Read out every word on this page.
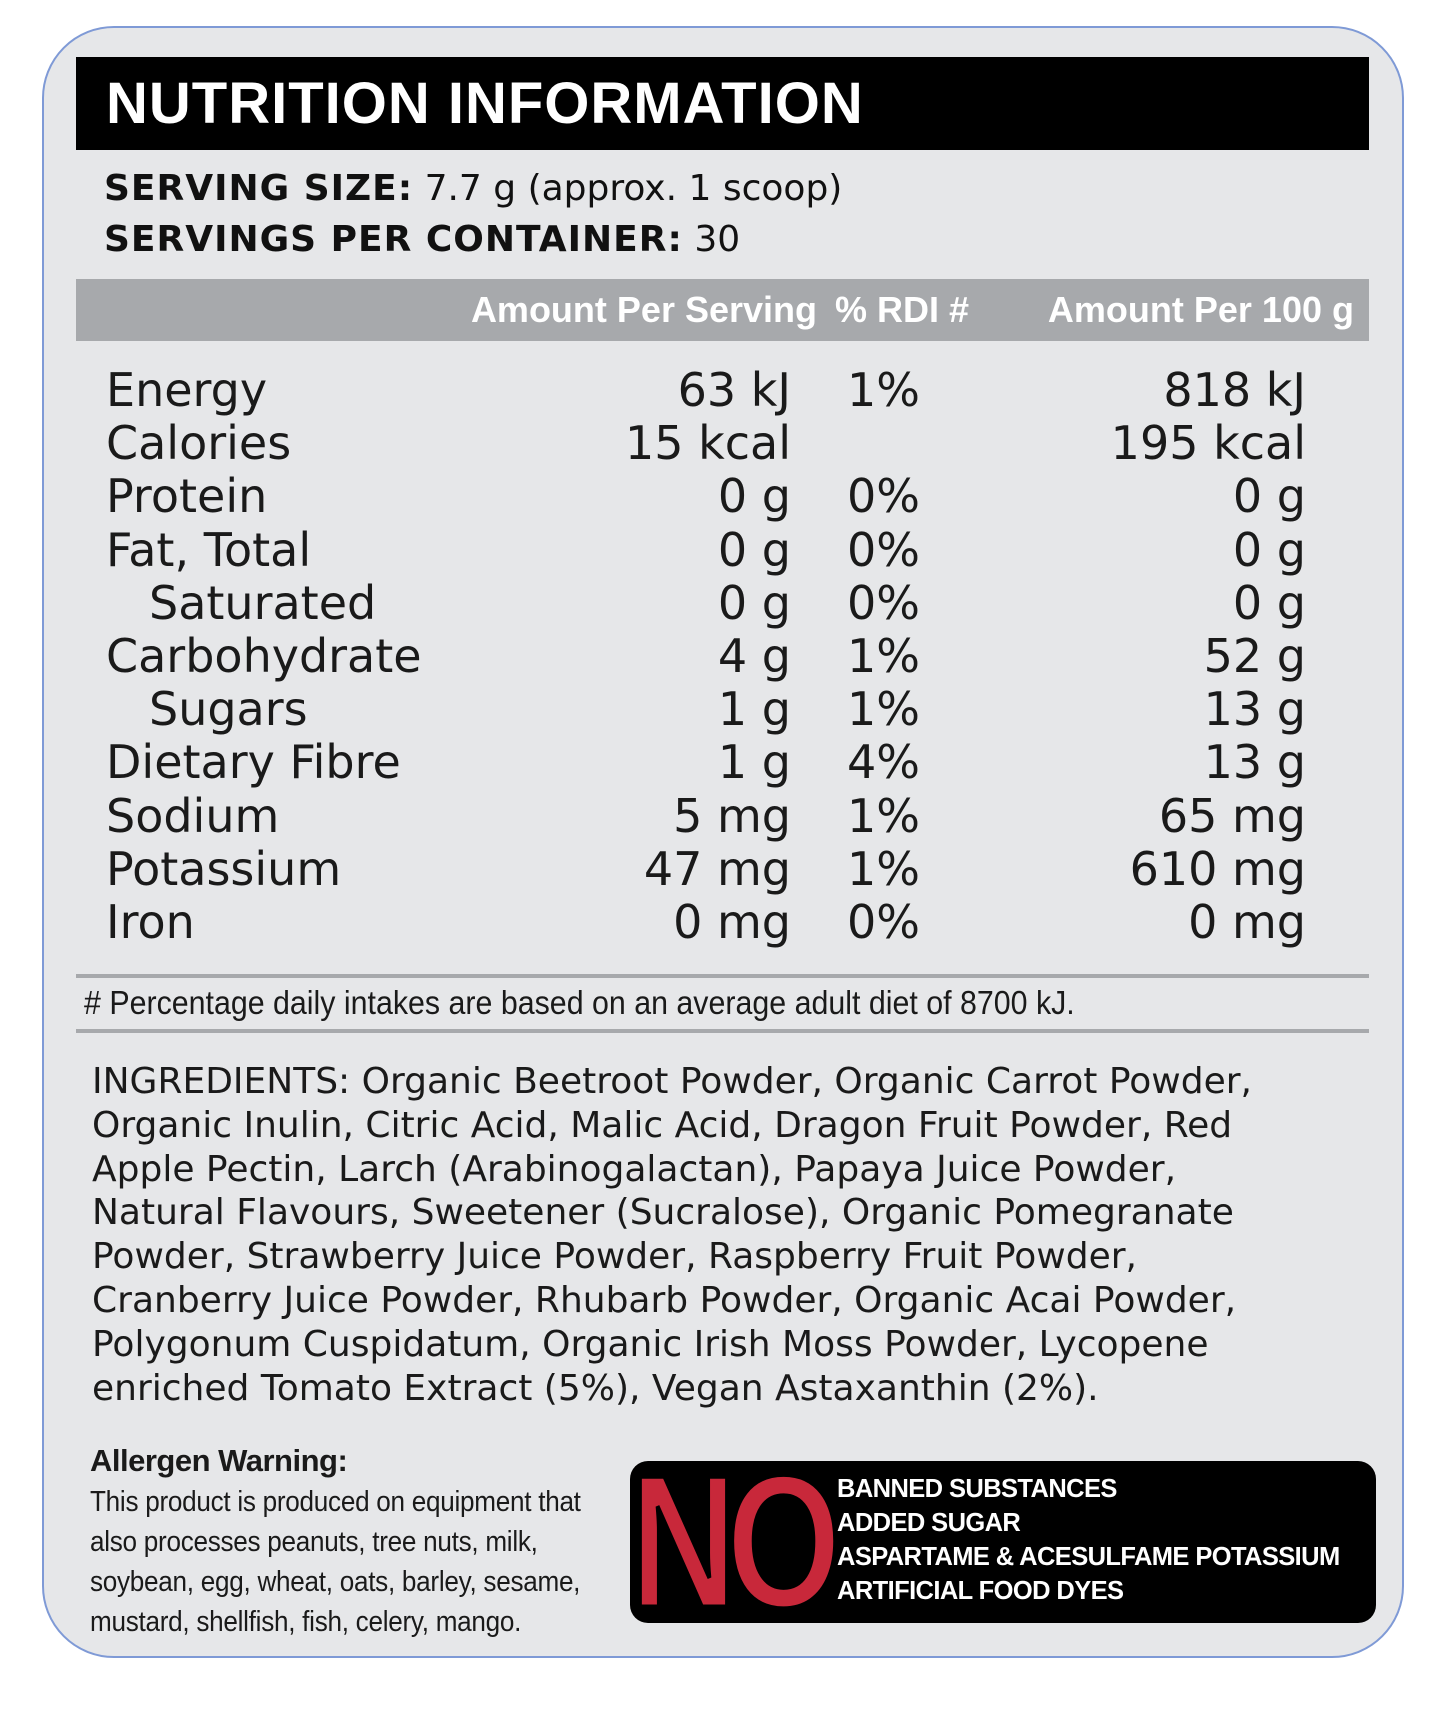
NUTRITION INFORMATION
SERVING SIZE: 7.7 g (approx. 1 scoop)
SERVINGS PER CONTAINER: 30
Amount Per Serving % RDI # Amount Per 100 g
Energy	63 kJ 1%	818 kJ
Calories	15 kcal	195 kcal
Protein	0 g 0%	0 g
Fat, Total	0 g 0%	0 g
Saturated	0 g 0%	0 g
Carbohydrate	4 g 1%	52 g
Sugars	1 g 1%	13 g
Dietary Fibre	1 g 4%	13 g
Sodium	5 mg 1%	65 mg
Potassium	47 mg 1%	610 mg
Iron	0 mg 0%	0 mg
# Percentage daily intakes are based on an average adult diet of 8700 kJ.
INGREDIENTS: Organic Beetroot Powder, Organic Carrot Powder,
Organic Inulin, Citric Acid, Malic Acid, Dragon Fruit Powder, Red
Apple Pectin, Larch (Arabinogalactan), Papaya Juice Powder,
Natural Flavours, Sweetener (Sucralose), Organic Pomegranate
Powder, Strawberry Juice Powder, Raspberry Fruit Powder,
Cranberry Juice Powder, Rhubarb Powder, Organic Acai Powder,
Polygonum Cuspidatum, Organic Irish Moss Powder, Lycopene
enriched Tomato Extract (5%), Vegan Astaxanthin (2%).
Allergen Warning:
This product is produced on equipment that
also processes peanuts, tree nuts, milk,
soybean, egg, wheat, oats, barley, sesame,
mustard, shellfish, fish, celery, mango. NO BANNED SUBSTANCES
ADDED SUGAR
ASPARTAME & ACESULFAME POTASSIUM
ARTIFICIAL FOOD DYES
